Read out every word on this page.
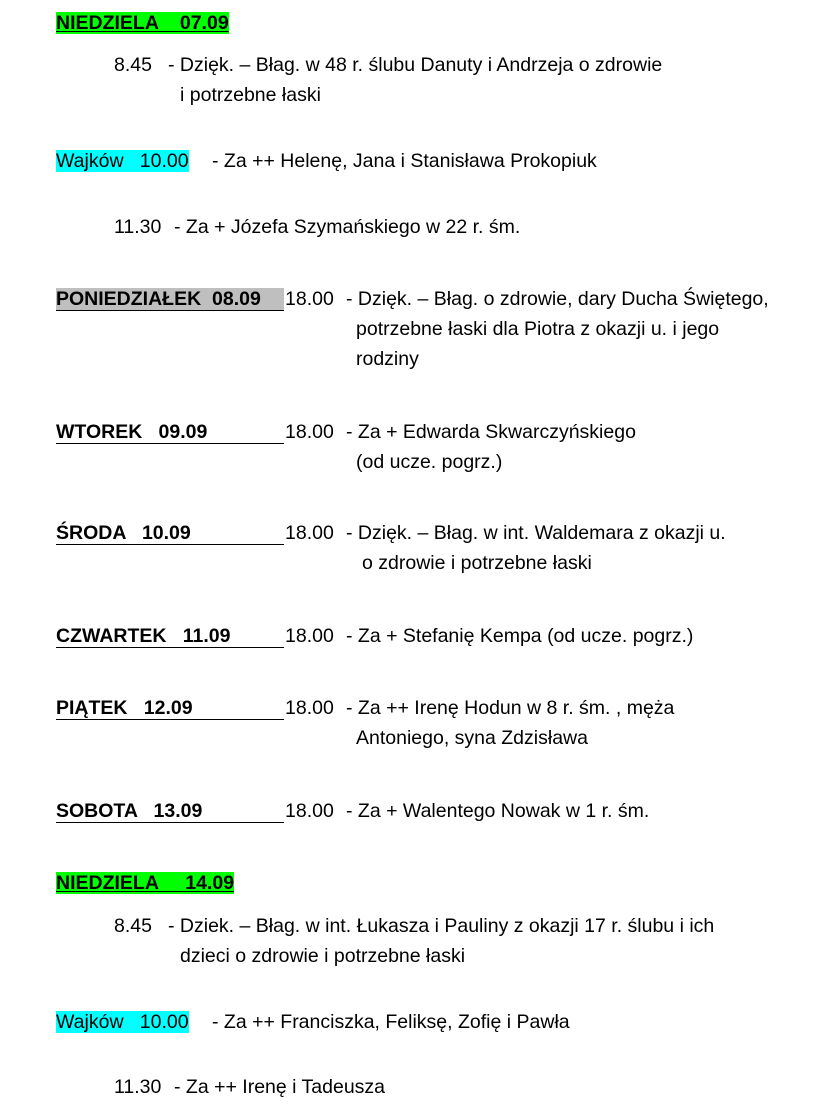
NIEDZIELA    07.09
8.45 - Dzięk. – Błag. w 48 r. ślubu Danuty i Andrzeja o zdrowie
i potrzebne łaski
Wajków   10.00 - Za ++ Helenę, Jana i Stanisława Prokopiuk
11.30 - Za + Józefa Szymańskiego w 22 r. śm.
PONIEDZIAŁEK  08.09	18.00 - Dzięk. – Błag. o zdrowie, dary Ducha Świętego,
potrzebne łaski dla Piotra z okazji u. i jego
rodziny
WTOREK   09.09	18.00 - Za + Edwarda Skwarczyńskiego
(od ucze. pogrz.)
ŚRODA   10.09	18.00 - Dzięk. – Błag. w int. Waldemara z okazji u.
o zdrowie i potrzebne łaski
CZWARTEK   11.09	18.00 - Za + Stefanię Kempa (od ucze. pogrz.)
PIĄTEK   12.09	18.00 - Za ++ Irenę Hodun w 8 r. śm. , męża
Antoniego, syna Zdzisława
SOBOTA   13.09	18.00 - Za + Walentego Nowak w 1 r. śm.
NIEDZIELA     14.09
8.45 - Dziek. – Błag. w int. Łukasza i Pauliny z okazji 17 r. ślubu i ich
dzieci o zdrowie i potrzebne łaski
Wajków   10.00 - Za ++ Franciszka, Feliksę, Zofię i Pawła
11.30 - Za ++ Irenę i Tadeusza
